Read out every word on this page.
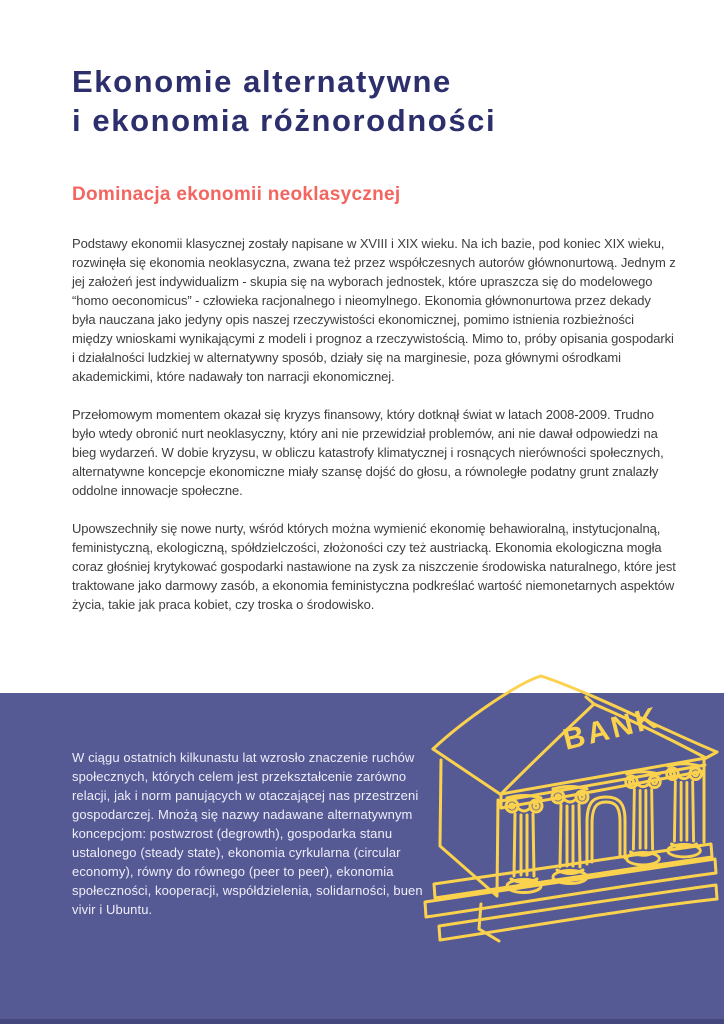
Ekonomie alternatywne
i ekonomia różnorodności
Dominacja ekonomii neoklasycznej

Podstawy ekonomii klasycznej zostały napisane w XVIII i XIX wieku. Na ich bazie, pod koniec XIX wieku, rozwinęła się ekonomia neoklasyczna, zwana też przez współczesnych autorów głównonurtową. Jednym z jej założeń jest indywidualizm - skupia się na wyborach jednostek, które upraszcza się do modelowego “homo oeconomicus” - człowieka racjonalnego i nieomylnego. Ekonomia głównonurtowa przez dekady była nauczana jako jedyny opis naszej rzeczywistości ekonomicznej, pomimo istnienia rozbieżności między wnioskami wynikającymi z modeli i prognoz a rzeczywistością. Mimo to, próby opisania gospodarki i działalności ludzkiej w alternatywny sposób, działy się na marginesie, poza głównymi ośrodkami akademickimi, które nadawały ton narracji ekonomicznej.

Przełomowym momentem okazał się kryzys finansowy, który dotknął świat w latach 2008-2009. Trudno było wtedy obronić nurt neoklasyczny, który ani nie przewidział problemów, ani nie dawał odpowiedzi na bieg wydarzeń. W dobie kryzysu, w obliczu katastrofy klimatycznej i rosnących nierówności społecznych, alternatywne koncepcje ekonomiczne miały szansę dojść do głosu, a równoległe podatny grunt znalazły oddolne innowacje społeczne.

Upowszechniły się nowe nurty, wśród których można wymienić ekonomię behawioralną, instytucjonalną, feministyczną, ekologiczną, spółdzielczości, złożoności czy też austriacką. Ekonomia ekologiczna mogła coraz głośniej krytykować gospodarki nastawione na zysk za niszczenie środowiska naturalnego, które jest traktowane jako darmowy zasób, a ekonomia feministyczna podkreślać wartość niemonetarnych aspektów życia, takie jak praca kobiet, czy troska o środowisko.

W ciągu ostatnich kilkunastu lat wzrosło znaczenie ruchów społecznych, których celem jest przekształcenie zarówno relacji, jak i norm panujących w otaczającej nas przestrzeni gospodarczej. Mnożą się nazwy nadawane alternatywnym koncepcjom: postwzrost (degrowth), gospodarka stanu ustalonego (steady state), ekonomia cyrkularna (circular economy), równy do równego (peer to peer), ekonomia społeczności, kooperacji, współdzielenia, solidarności, buen vivir i Ubuntu.

BANK
